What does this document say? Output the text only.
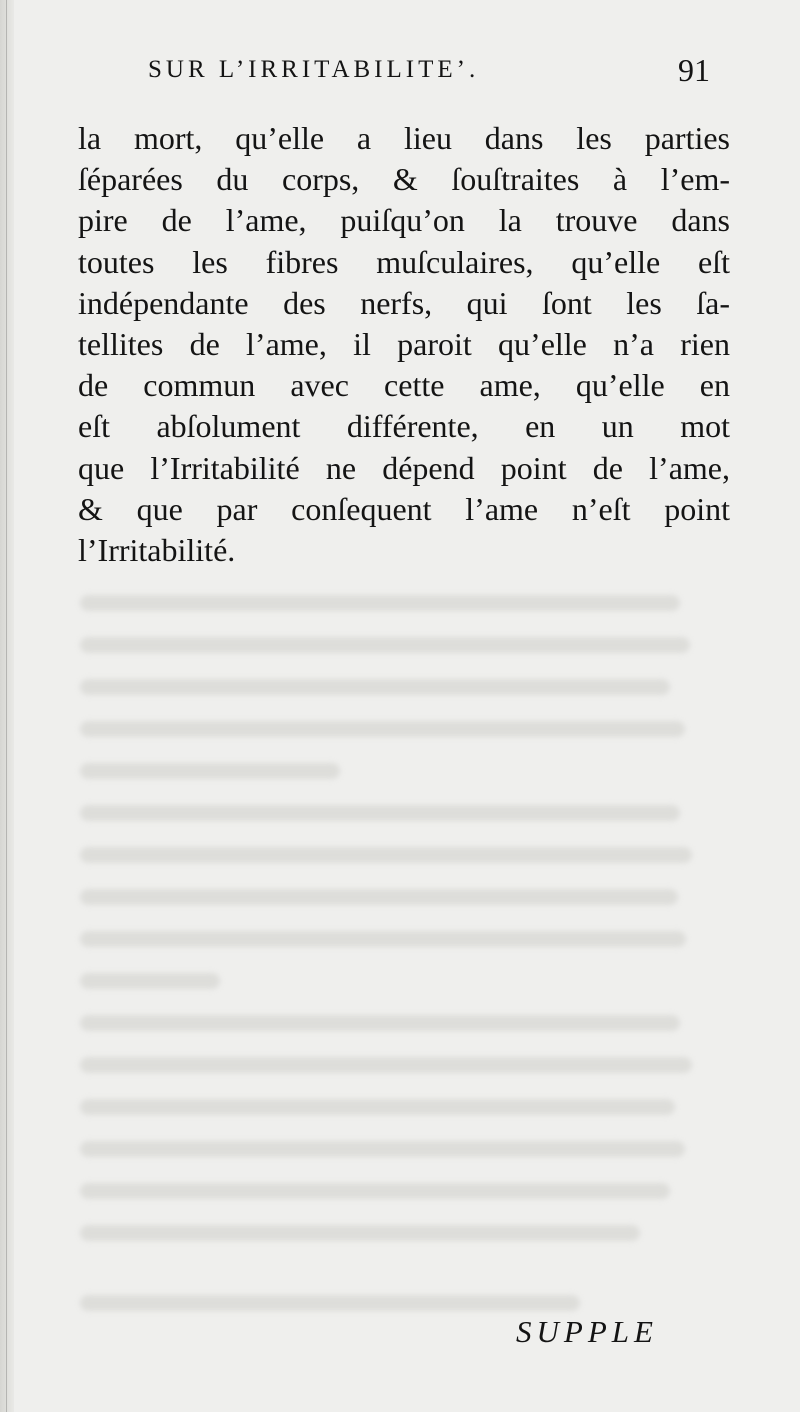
SUR L’IRRITABILITE’.	91
la mort, qu’elle a lieu dans les parties
ſéparées du corps, & ſouſtraites à l’em-
pire de l’ame, puiſqu’on la trouve dans
toutes les fibres muſculaires, qu’elle eſt
indépendante des nerfs, qui ſont les ſa-
tellites de l’ame, il paroit qu’elle n’a rien
de commun avec cette ame, qu’elle en
eſt abſolument différente, en un mot
que l’Irritabilité ne dépend point de l’ame,
& que par conſequent l’ame n’eſt point
l’Irritabilité.
SUPPLE
